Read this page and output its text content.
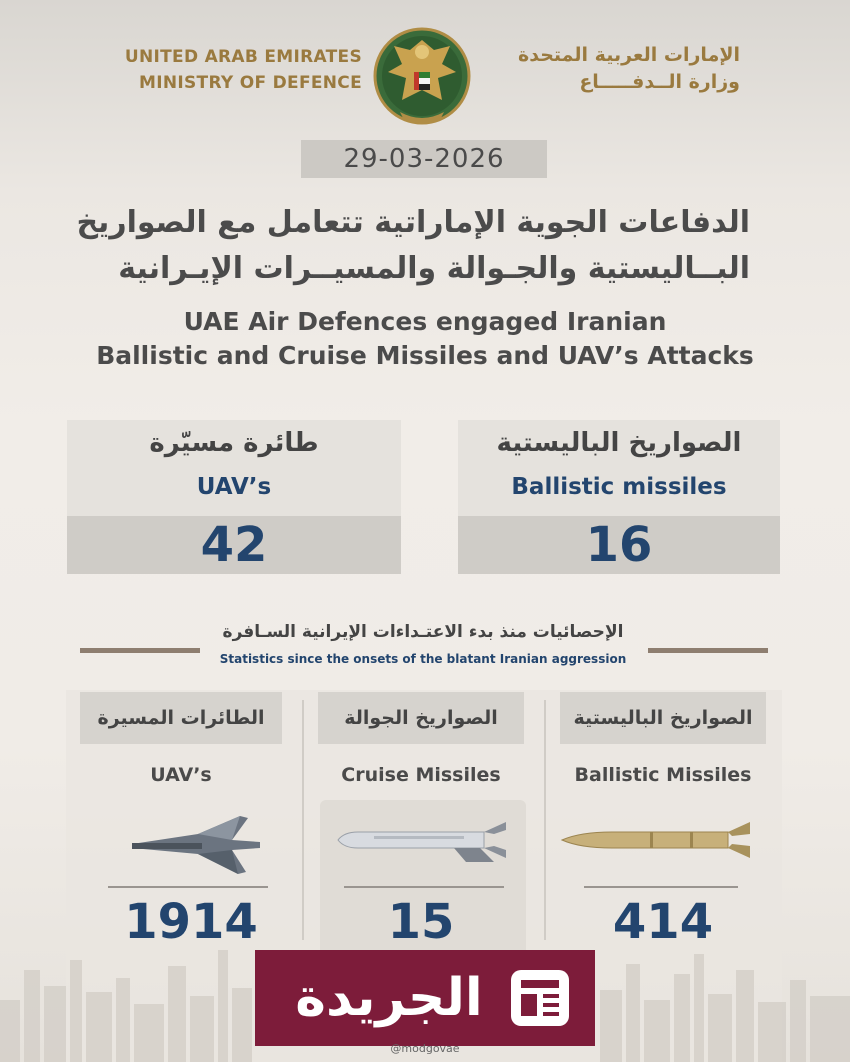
UNITED ARAB EMIRATES
MINISTRY OF DEFENCE
الإمارات العربية المتحدة
وزارة الــدفـــــاع
29-03-2026
الدفاعات الجوية الإماراتية تتعامل مع الصواريخ
البــاليستية والجـوالة والمسيــرات الإيـرانية
UAE Air Defences engaged Iranian
Ballistic and Cruise Missiles and UAV’s Attacks
طائرة مسيّرة
UAV’s
42
الصواريخ الباليستية
Ballistic missiles
16
الإحصائيات منذ بدء الاعتـداءات الإيرانية السـافرة
Statistics since the onsets of the blatant Iranian aggression
الطائرات المسيرة
UAV’s
1914
الصواريخ الجوالة
Cruise Missiles
15
الصواريخ الباليستية
Ballistic Missiles
414
الجريدة
@modgovae
